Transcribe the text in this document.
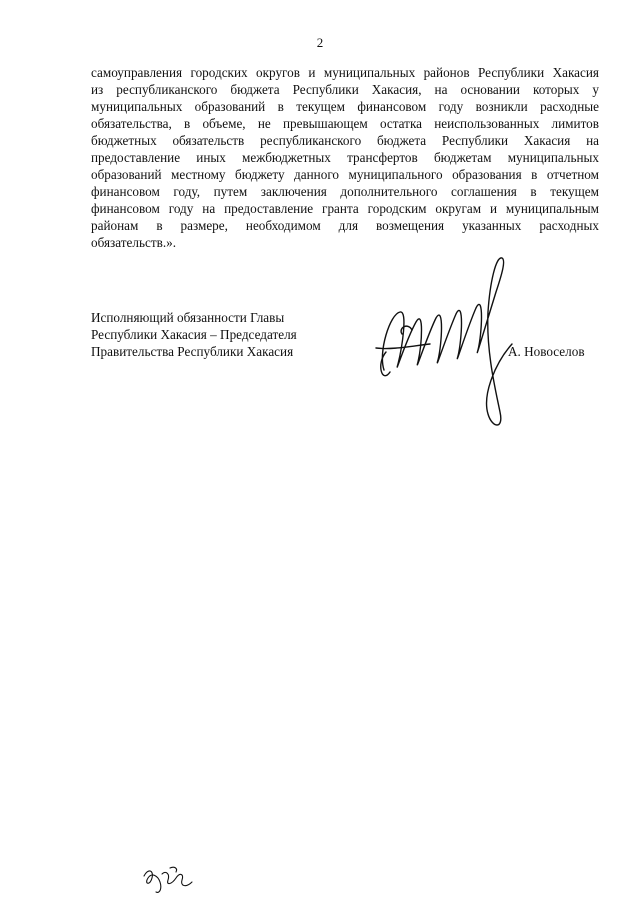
2
самоуправления городских округов и муниципальных районов Республики Хакасия
из республиканского бюджета Республики Хакасия, на основании которых у
муниципальных образований в текущем финансовом году возникли расходные
обязательства, в объеме, не превышающем остатка неиспользованных лимитов
бюджетных обязательств республиканского бюджета Республики Хакасия на
предоставление иных межбюджетных трансфертов бюджетам муниципальных
образований местному бюджету данного муниципального образования в отчетном
финансовом году, путем заключения дополнительного соглашения в текущем
финансовом году на предоставление гранта городским округам и муниципальным
районам в размере, необходимом для возмещения указанных расходных
обязательств.».
Исполняющий обязанности Главы
Республики Хакасия – Председателя
Правительства Республики Хакасия	А. Новоселов
